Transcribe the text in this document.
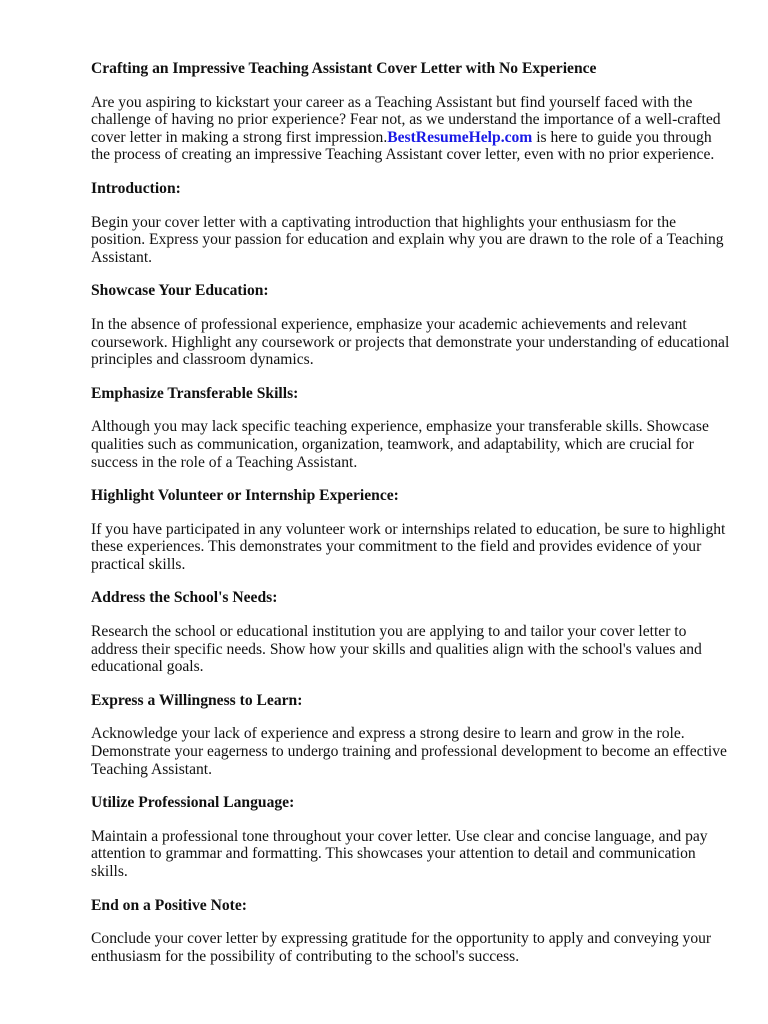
Crafting an Impressive Teaching Assistant Cover Letter with No Experience

Are you aspiring to kickstart your career as a Teaching Assistant but find yourself faced with the challenge of having no prior experience? Fear not, as we understand the importance of a well-crafted cover letter in making a strong first impression.BestResumeHelp.com is here to guide you through the process of creating an impressive Teaching Assistant cover letter, even with no prior experience.

Introduction:

Begin your cover letter with a captivating introduction that highlights your enthusiasm for the position. Express your passion for education and explain why you are drawn to the role of a Teaching Assistant.

Showcase Your Education:

In the absence of professional experience, emphasize your academic achievements and relevant coursework. Highlight any coursework or projects that demonstrate your understanding of educational principles and classroom dynamics.

Emphasize Transferable Skills:

Although you may lack specific teaching experience, emphasize your transferable skills. Showcase qualities such as communication, organization, teamwork, and adaptability, which are crucial for success in the role of a Teaching Assistant.

Highlight Volunteer or Internship Experience:

If you have participated in any volunteer work or internships related to education, be sure to highlight these experiences. This demonstrates your commitment to the field and provides evidence of your practical skills.

Address the School's Needs:

Research the school or educational institution you are applying to and tailor your cover letter to address their specific needs. Show how your skills and qualities align with the school's values and educational goals.

Express a Willingness to Learn:

Acknowledge your lack of experience and express a strong desire to learn and grow in the role. Demonstrate your eagerness to undergo training and professional development to become an effective Teaching Assistant.

Utilize Professional Language:

Maintain a professional tone throughout your cover letter. Use clear and concise language, and pay attention to grammar and formatting. This showcases your attention to detail and communication skills.

End on a Positive Note:

Conclude your cover letter by expressing gratitude for the opportunity to apply and conveying your enthusiasm for the possibility of contributing to the school's success.
